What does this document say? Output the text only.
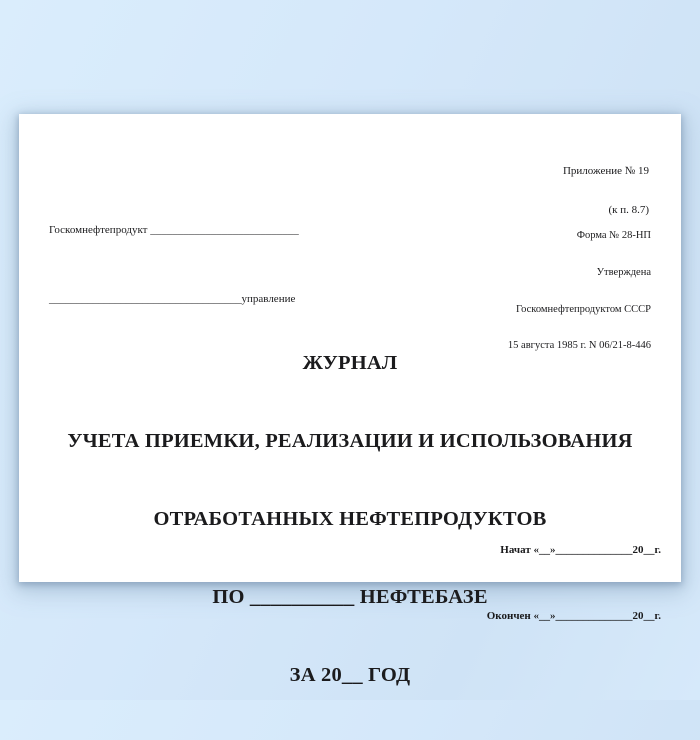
Приложение № 19

(к п. 8.7)

Госкомнефтепродукт ___________________________

___________________________________управление

Форма № 28-НП

Утверждена

Госкомнефтепродуктом СССР

15 августа 1985 г. N 06/21-8-446

ЖУРНАЛ

УЧЕТА ПРИЕМКИ, РЕАЛИЗАЦИИ И ИСПОЛЬЗОВАНИЯ

ОТРАБОТАННЫХ НЕФТЕПРОДУКТОВ

ПО __________ НЕФТЕБАЗЕ

ЗА 20__ ГОД

Начат «__»______________20__г.

Окончен «__»______________20__г.
